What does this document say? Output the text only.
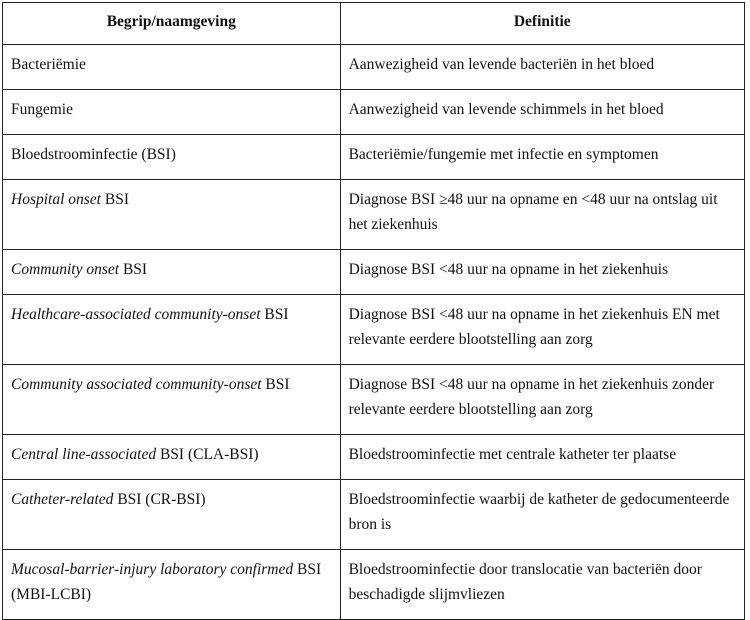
Begrip/naamgeving	Definitie
Bacteriëmie	Aanwezigheid van levende bacteriën in het bloed
Fungemie	Aanwezigheid van levende schimmels in het bloed
Bloedstroominfectie (BSI)	Bacteriëmie/fungemie met infectie en symptomen
Hospital onset BSI	Diagnose BSI ≥48 uur na opname en <48 uur na ontslag uit het ziekenhuis
Community onset BSI	Diagnose BSI <48 uur na opname in het ziekenhuis
Healthcare-associated community-onset BSI	Diagnose BSI <48 uur na opname in het ziekenhuis EN met relevante eerdere blootstelling aan zorg
Community associated community-onset BSI	Diagnose BSI <48 uur na opname in het ziekenhuis zonder relevante eerdere blootstelling aan zorg
Central line-associated BSI (CLA-BSI)	Bloedstroominfectie met centrale katheter ter plaatse
Catheter-related BSI (CR-BSI)	Bloedstroominfectie waarbij de katheter de gedocumenteerde bron is
Mucosal-barrier-injury laboratory confirmed BSI (MBI-LCBI)	Bloedstroominfectie door translocatie van bacteriën door beschadigde slijmvliezen
